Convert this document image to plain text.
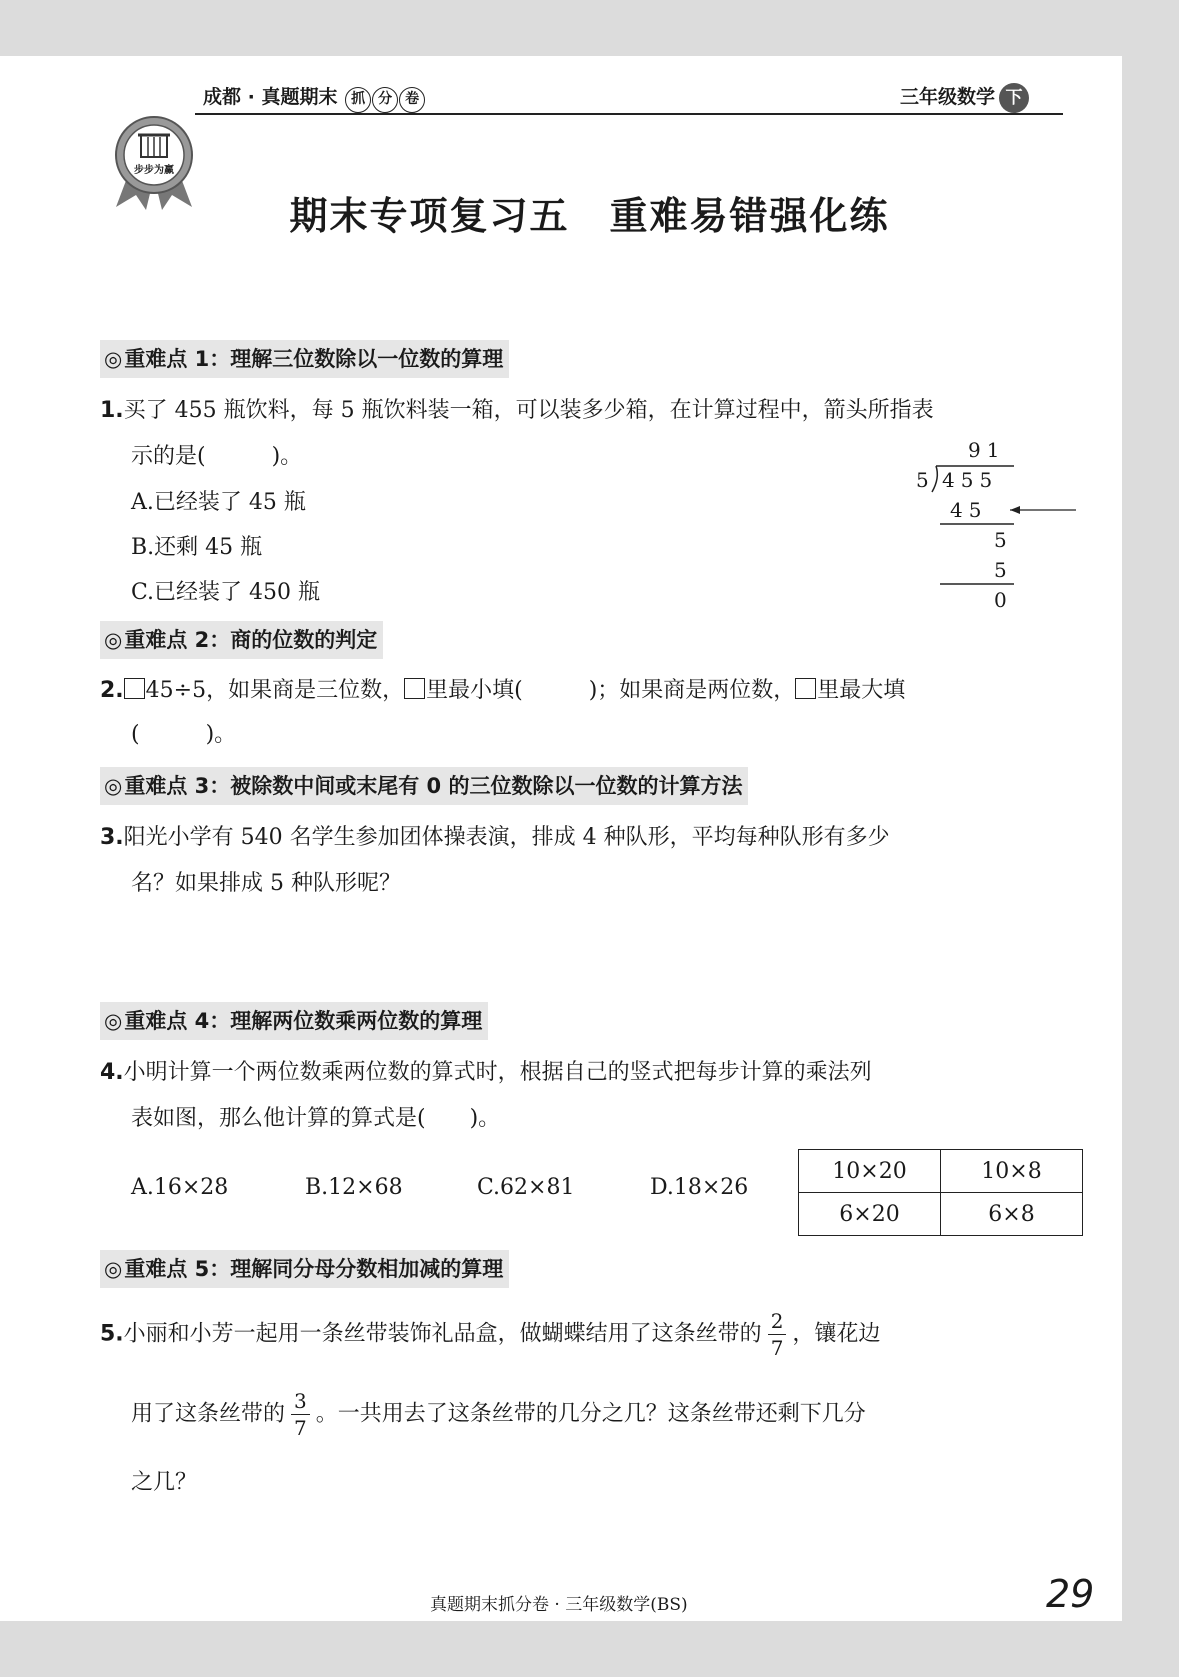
步步为赢
成都 · 真题期末 抓 分 卷	三年级数学 下
期末专项复习五　重难易错强化练
◎重难点 1：理解三位数除以一位数的算理
1.买了 455 瓶饮料，每 5 瓶饮料装一箱，可以装多少箱，在计算过程中，箭头所指表
示的是(　　　)。
A.已经装了 45 瓶
B.还剩 45 瓶
C.已经装了 450 瓶
91
5 455
45
5
5
0
◎重难点 2：商的位数的判定
2. 45÷5，如果商是三位数， 里最小填(　　　)；如果商是两位数， 里最大填
(　　　)。
◎重难点 3：被除数中间或末尾有 0 的三位数除以一位数的计算方法
3.阳光小学有 540 名学生参加团体操表演，排成 4 种队形，平均每种队形有多少
名？如果排成 5 种队形呢？
◎重难点 4：理解两位数乘两位数的算理
4.小明计算一个两位数乘两位数的算式时，根据自己的竖式把每步计算的乘法列
表如图，那么他计算的算式是(　　)。
A.16×28	B.12×68	C.62×81	D.18×26
10×20	10×8
6×20	6×8
◎重难点 5：理解同分母分数相加减的算理
5.小丽和小芳一起用一条丝带装饰礼品盒，做蝴蝶结用了这条丝带的 $\frac{2}{7}$ ，镶花边
用了这条丝带的 $\frac{3}{7}$ 。一共用去了这条丝带的几分之几？这条丝带还剩下几分
之几？
真题期末抓分卷 · 三年级数学(BS)	29
